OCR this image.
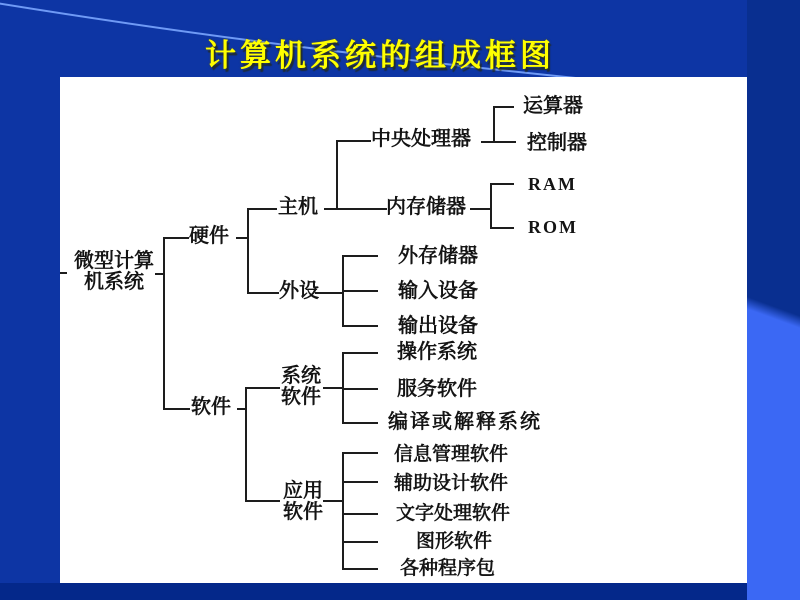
计算机系统的组成框图
微型计算
机系统
硬件
主机
中央处理器
运算器
控制器
内存储器
RAM
ROM
外设
外存储器
输入设备
输出设备
软件
系统
软件
操作系统
服务软件
编译或解释系统
应用
软件
信息管理软件
辅助设计软件
文字处理软件
图形软件
各种程序包
